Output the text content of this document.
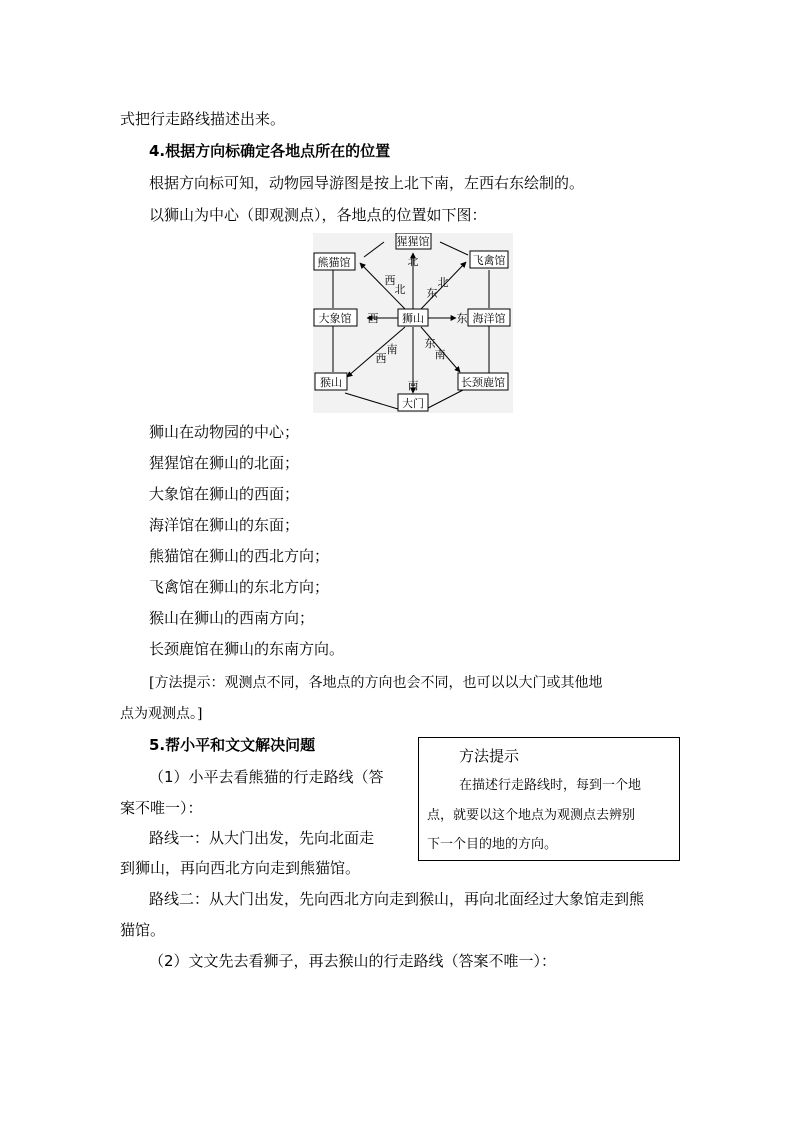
式把行走路线描述出来。
4.根据方向标确定各地点所在的位置
根据方向标可知，动物园导游图是按上北下南，左西右东绘制的。
以狮山为中心（即观测点），各地点的位置如下图：
猩猩馆
熊猫馆	飞禽馆
大象馆	狮山	海洋馆
猴山
大门
长颈鹿馆
北
西
北
北
东
西	东
西
南 东
南
南
狮山在动物园的中心；
猩猩馆在狮山的北面；
大象馆在狮山的西面；
海洋馆在狮山的东面；
熊猫馆在狮山的西北方向；
飞禽馆在狮山的东北方向；
猴山在狮山的西南方向；
长颈鹿馆在狮山的东南方向。
[方法提示：观测点不同，各地点的方向也会不同，也可以以大门或其他地
点为观测点。]
5.帮小平和文文解决问题
（1）小平去看熊猫的行走路线（答
案不唯一）：
路线一：从大门出发，先向北面走
到狮山，再向西北方向走到熊猫馆。
路线二：从大门出发，先向西北方向走到猴山，再向北面经过大象馆走到熊
猫馆。
（2）文文先去看狮子，再去猴山的行走路线（答案不唯一）：
方法提示
在描述行走路线时，每到一个地
点，就要以这个地点为观测点去辨别
下一个目的地的方向。
